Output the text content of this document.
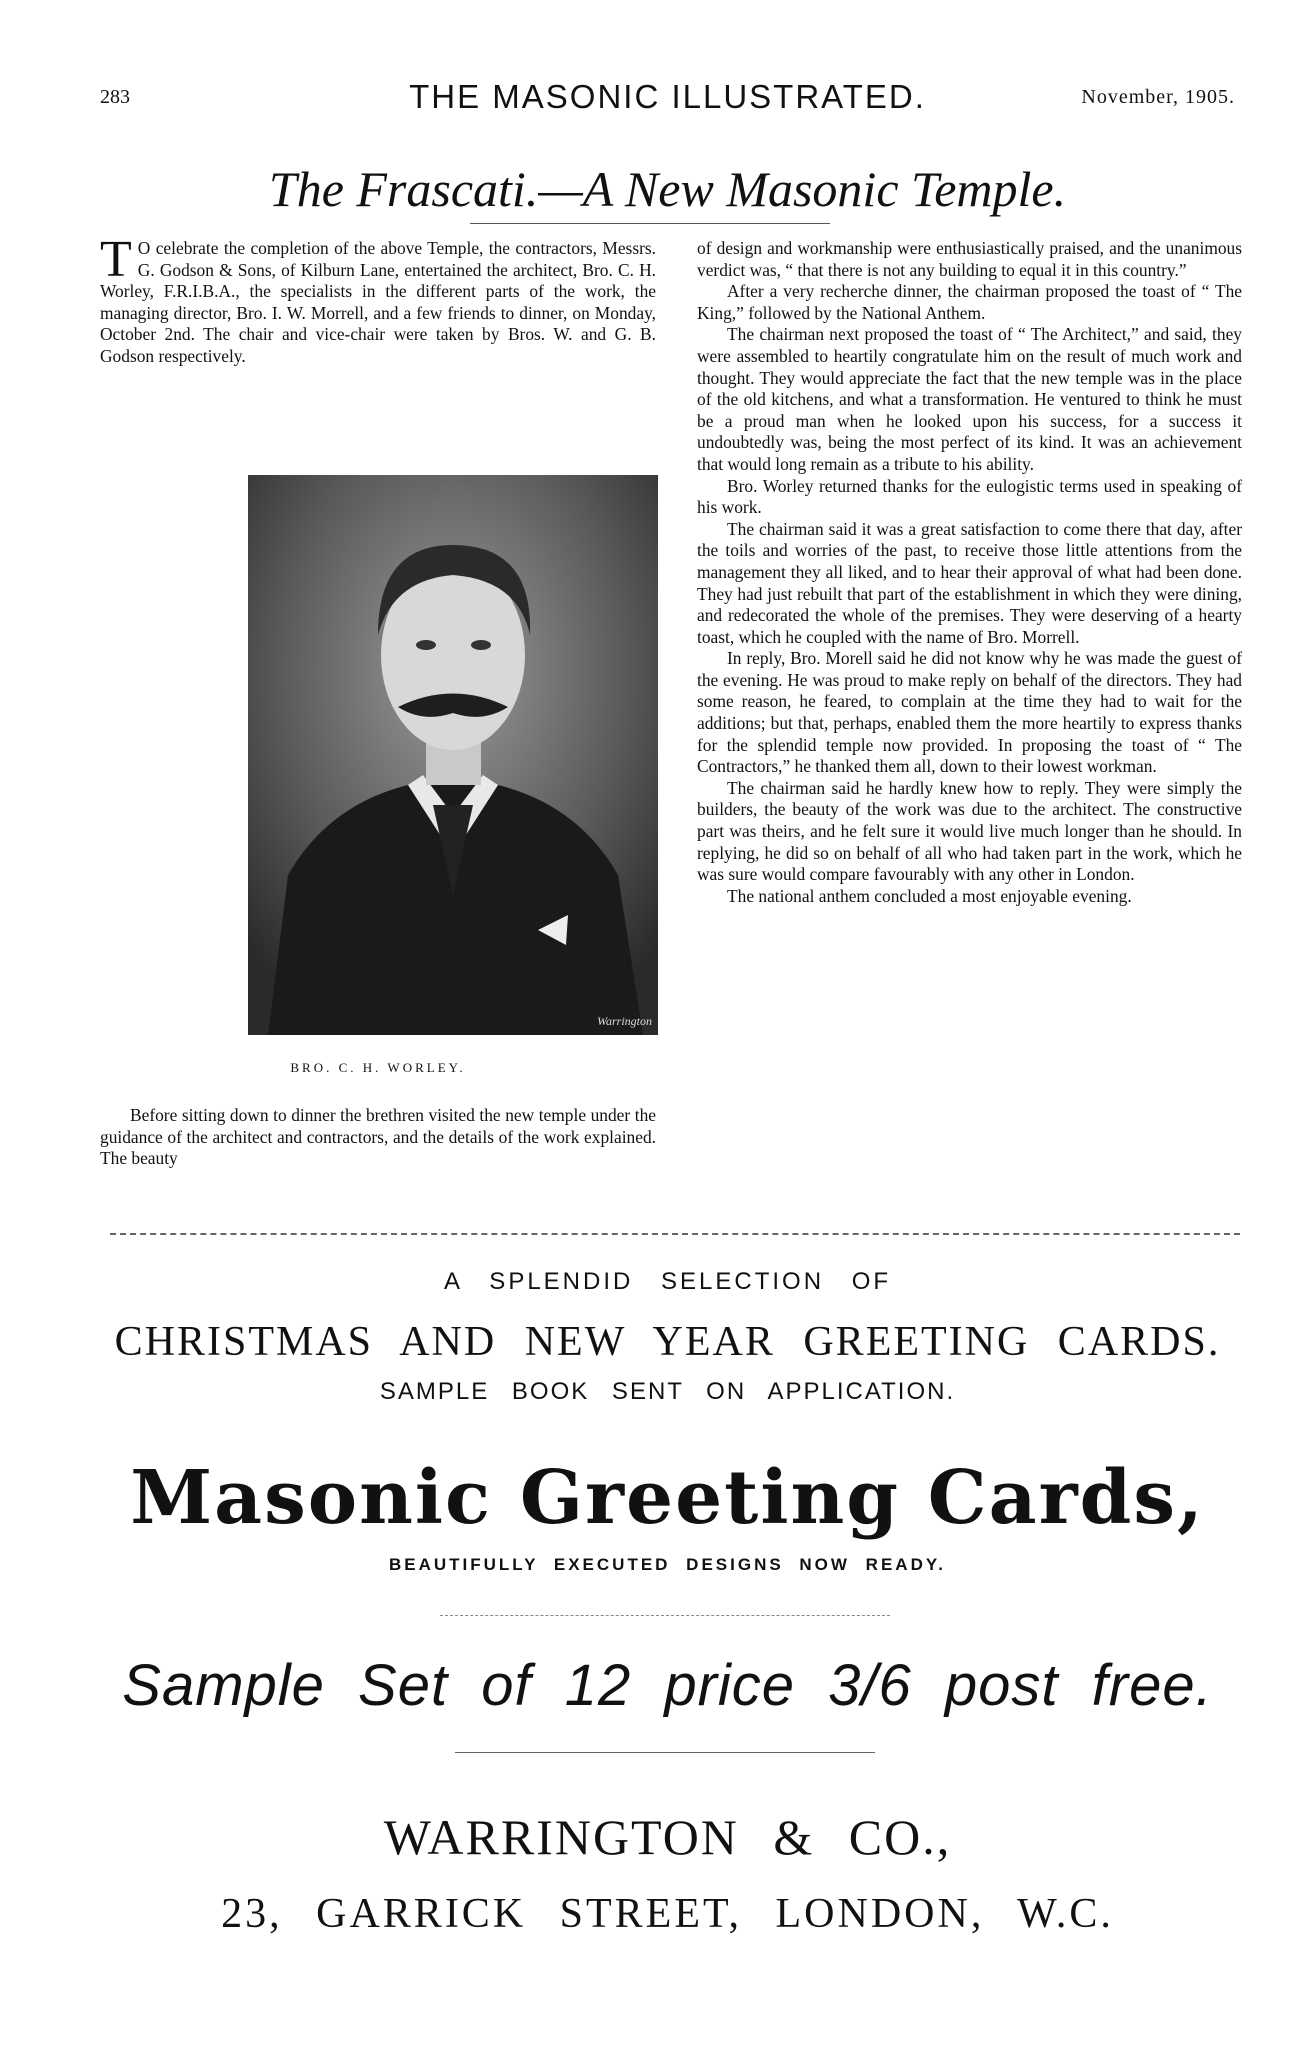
283	THE MASONIC ILLUSTRATED.	November, 1905.
The Frascati.—A New Masonic Temple.

T O celebrate the completion of the above Temple, the contractors, Messrs. G. Godson & Sons, of Kilburn Lane, entertained the architect, Bro. C. H. Worley, F.R.I.B.A., the specialists in the different parts of the work, the managing director, Bro. I. W. Morrell, and a few friends to dinner, on Monday, October 2nd. The chair and vice-chair were taken by Bros. W. and G. B. Godson respectively.

Warrington
BRO. C. H. WORLEY.

Before sitting down to dinner the brethren visited the new temple under the guidance of the architect and contractors, and the details of the work explained. The beauty

of design and workmanship were enthusiastically praised, and the unanimous verdict was, “ that there is not any building to equal it in this country.”

After a very recherche dinner, the chairman proposed the toast of “ The King,” followed by the National Anthem.

The chairman next proposed the toast of “ The Architect,” and said, they were assembled to heartily congratulate him on the result of much work and thought. They would appreciate the fact that the new temple was in the place of the old kitchens, and what a transformation. He ventured to think he must be a proud man when he looked upon his success, for a success it undoubtedly was, being the most perfect of its kind. It was an achievement that would long remain as a tribute to his ability.

Bro. Worley returned thanks for the eulogistic terms used in speaking of his work.

The chairman said it was a great satisfaction to come there that day, after the toils and worries of the past, to receive those little attentions from the management they all liked, and to hear their approval of what had been done. They had just rebuilt that part of the establishment in which they were dining, and redecorated the whole of the premises. They were deserving of a hearty toast, which he coupled with the name of Bro. Morrell.

In reply, Bro. Morell said he did not know why he was made the guest of the evening. He was proud to make reply on behalf of the directors. They had some reason, he feared, to complain at the time they had to wait for the additions; but that, perhaps, enabled them the more heartily to express thanks for the splendid temple now provided. In proposing the toast of “ The Contractors,” he thanked them all, down to their lowest workman.

The chairman said he hardly knew how to reply. They were simply the builders, the beauty of the work was due to the architect. The constructive part was theirs, and he felt sure it would live much longer than he should. In replying, he did so on behalf of all who had taken part in the work, which he was sure would compare favourably with any other in London.

The national anthem concluded a most enjoyable evening.

A SPLENDID SELECTION OF
CHRISTMAS AND NEW YEAR GREETING CARDS.
SAMPLE BOOK SENT ON APPLICATION.
Masonic Greeting Cards,
BEAUTIFULLY EXECUTED DESIGNS NOW READY.
Sample Set of 12 price 3/6 post free.
WARRINGTON & CO.,
23, GARRICK STREET, LONDON, W.C.
